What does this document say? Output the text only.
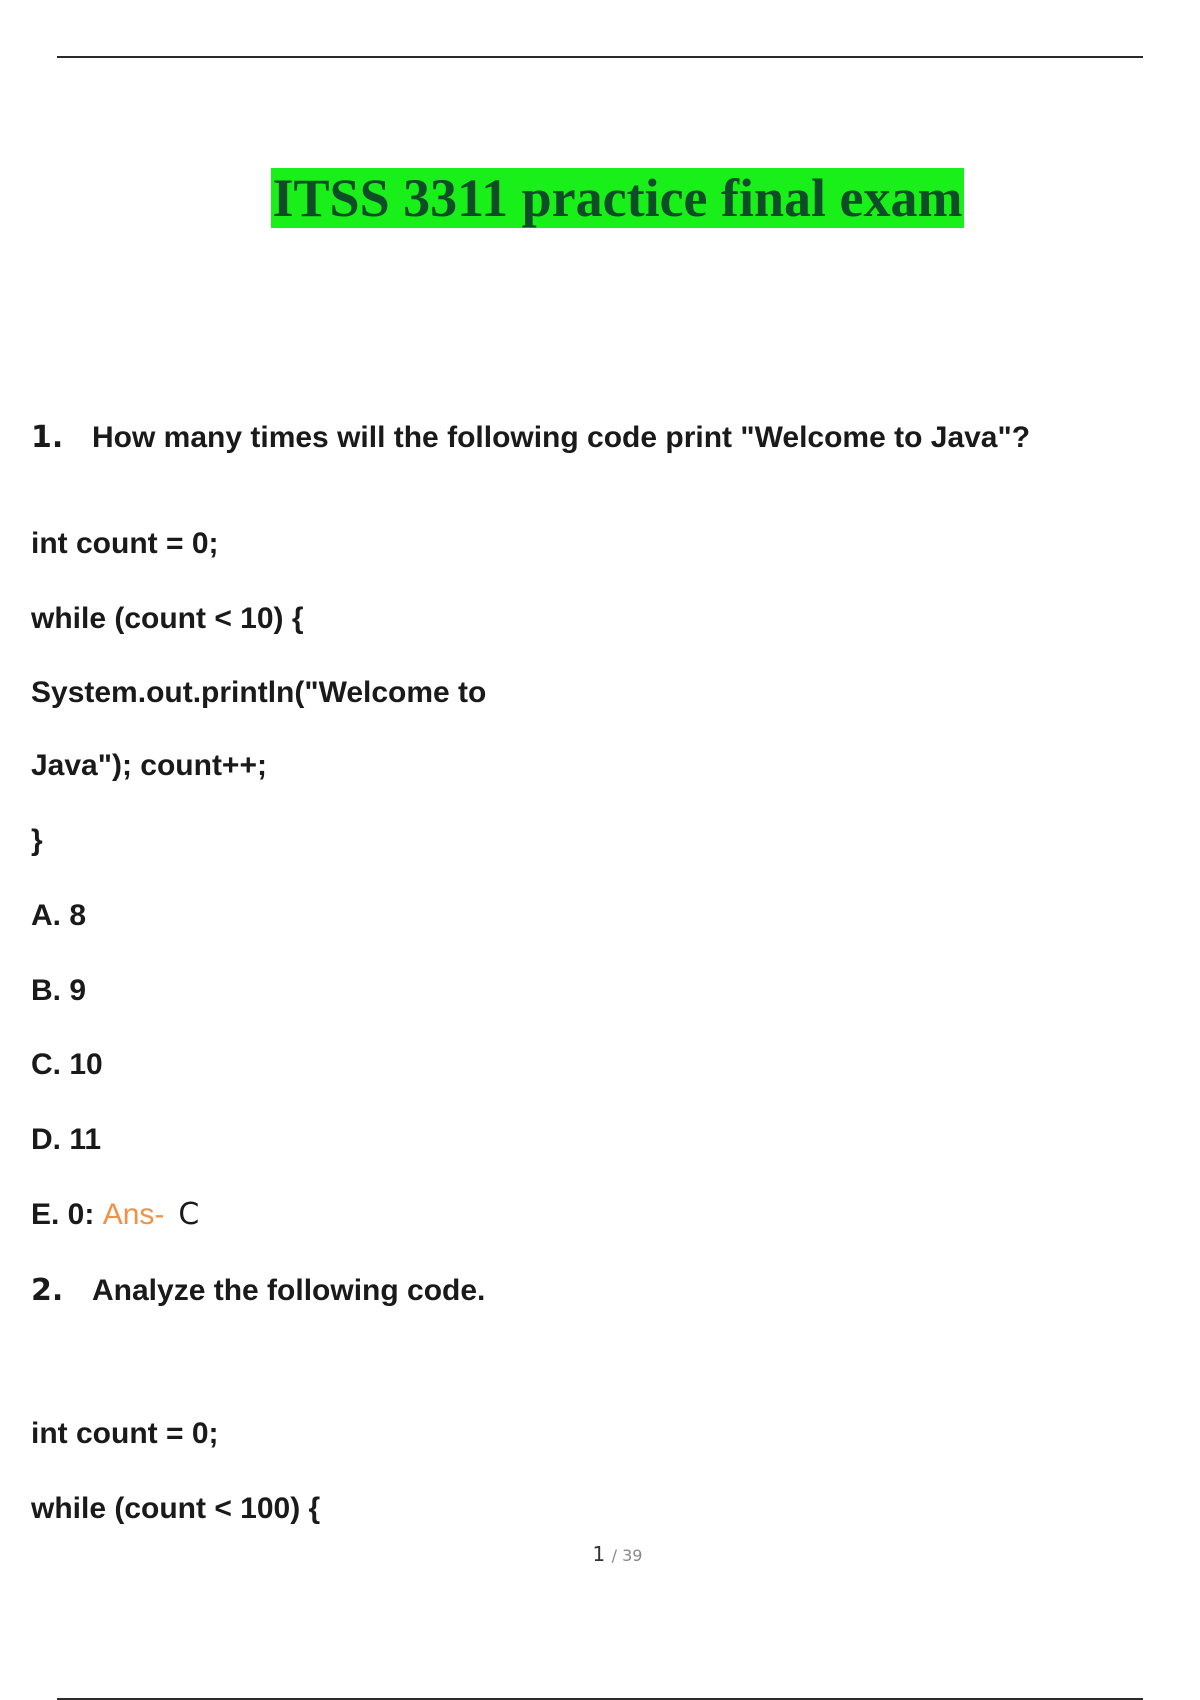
ITSS 3311 practice final exam
1. How many times will the following code print "Welcome to Java"?
int count = 0;
while (count < 10) {
System.out.println("Welcome to
Java"); count++;
}
A. 8
B. 9
C. 10
D. 11
E. 0: Ans- C
2. Analyze the following code.
int count = 0;
while (count < 100) {
1 / 39
